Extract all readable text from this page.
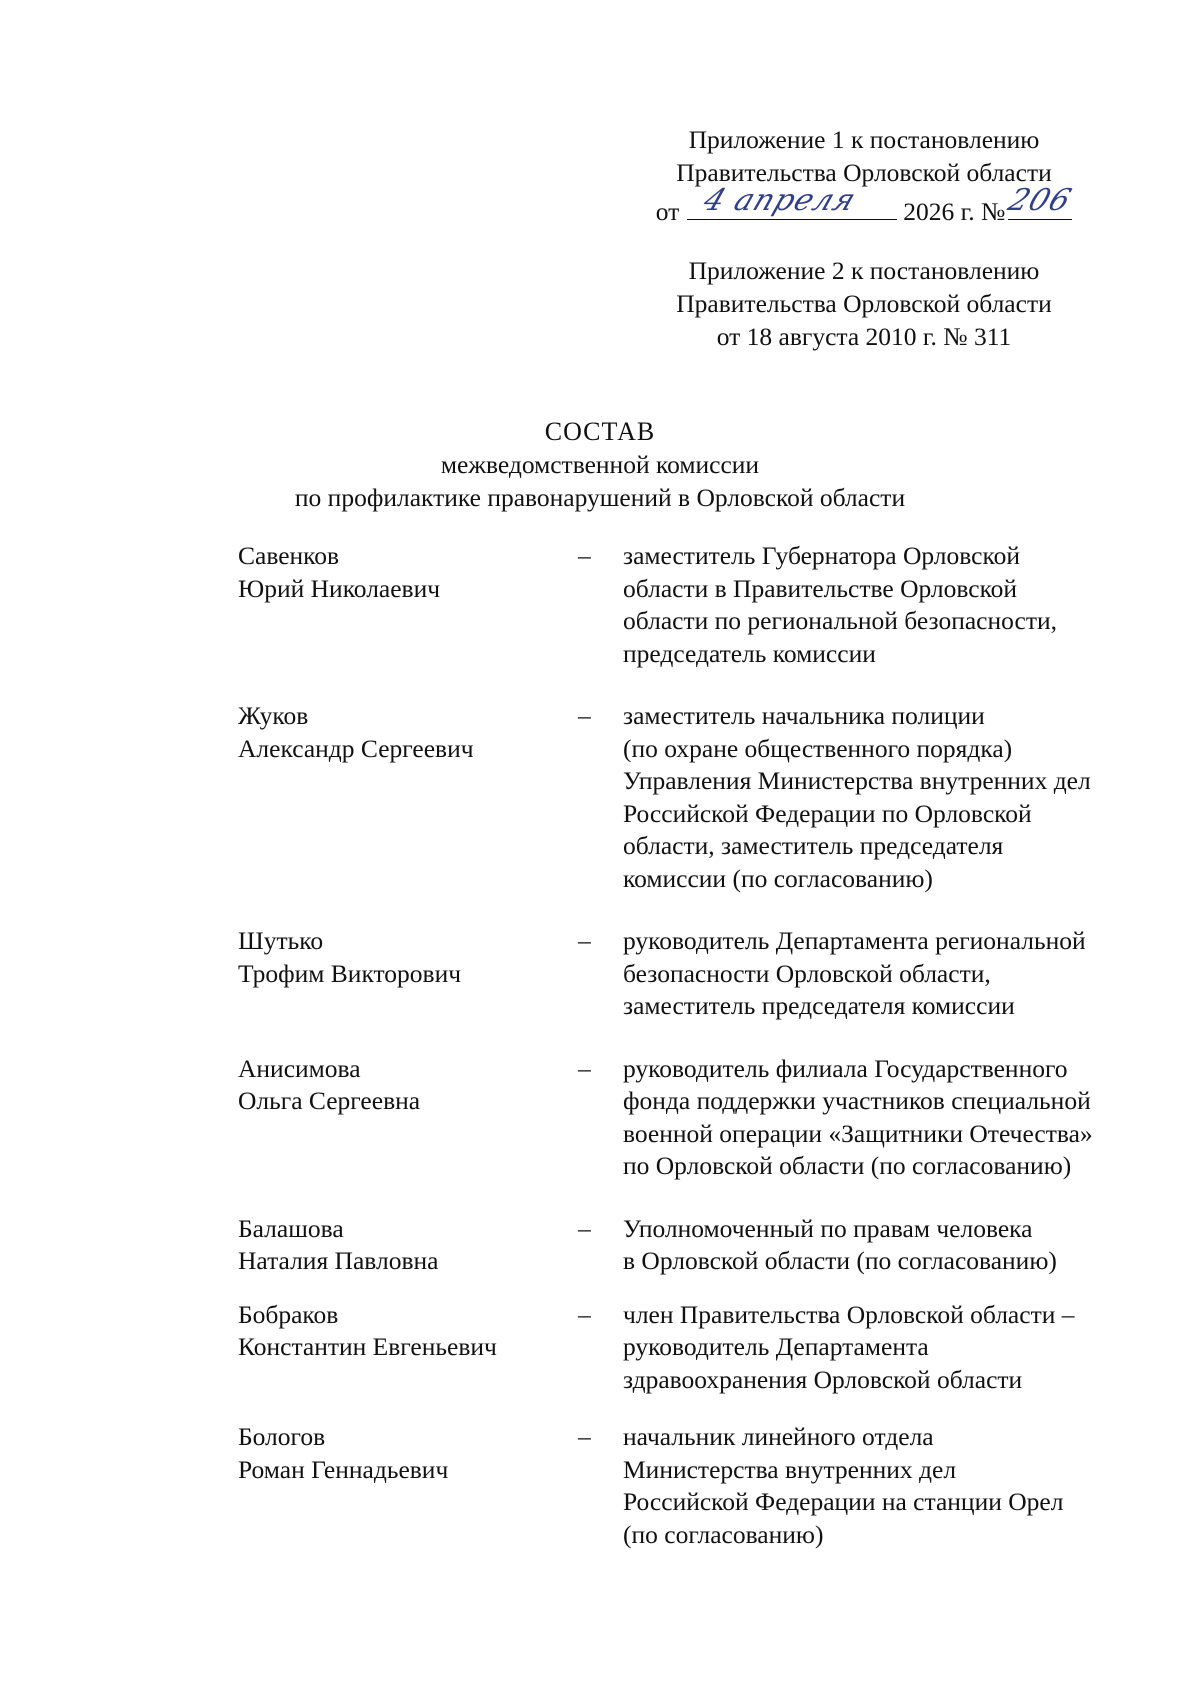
Приложение 1 к постановлению
Правительства Орловской области
от 4 апреля 2026 г. №
206
Приложение 2 к постановлению
Правительства Орловской области
от 18 августа 2010 г. № 311
СОСТАВ
межведомственной комиссии
по профилактике правонарушений в Орловской области
Савенков
Юрий Николаевич
–	заместитель Губернатора Орловской
области в Правительстве Орловской
области по региональной безопасности,
председатель комиссии
Жуков
Александр Сергеевич
–	заместитель начальника полиции
(по охране общественного порядка)
Управления Министерства внутренних дел
Российской Федерации по Орловской
области, заместитель председателя
комиссии (по согласованию)
Шутько
Трофим Викторович
–	руководитель Департамента региональной
безопасности Орловской области,
заместитель председателя комиссии
Анисимова
Ольга Сергеевна
–	руководитель филиала Государственного
фонда поддержки участников специальной
военной операции «Защитники Отечества»
по Орловской области (по согласованию)
Балашова
Наталия Павловна
–	Уполномоченный по правам человека
в Орловской области (по согласованию)
Бобраков
Константин Евгеньевич
–	член Правительства Орловской области –
руководитель Департамента
здравоохранения Орловской области
Бологов
Роман Геннадьевич
–	начальник линейного отдела
Министерства внутренних дел
Российской Федерации на станции Орел
(по согласованию)
